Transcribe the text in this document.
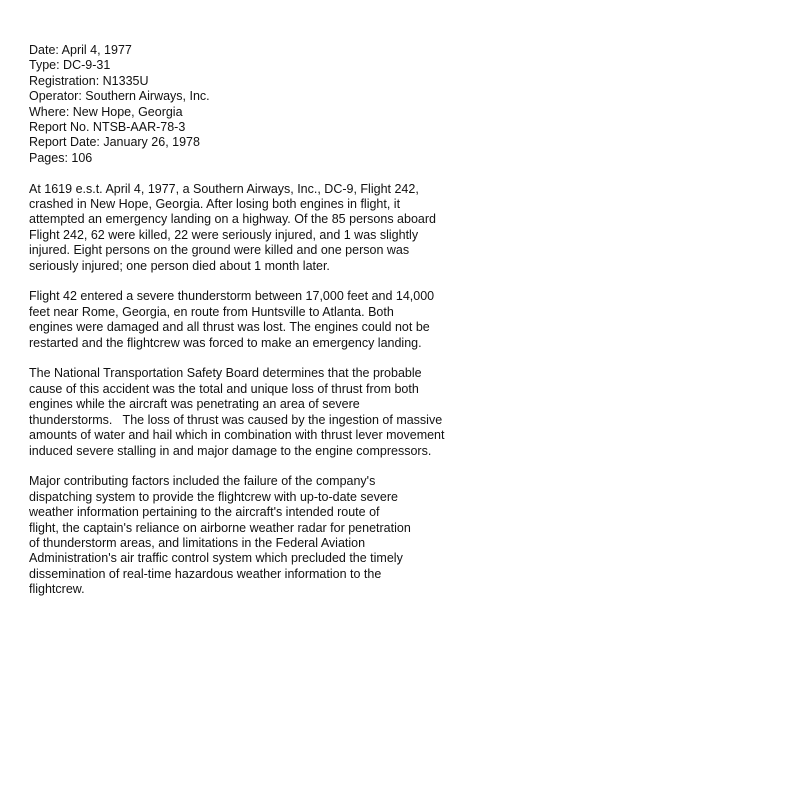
Date: April 4, 1977
Type: DC-9-31
Registration: N1335U
Operator: Southern Airways, Inc.
Where: New Hope, Georgia
Report No. NTSB-AAR-78-3
Report Date: January 26, 1978
Pages: 106
At 1619 e.s.t. April 4, 1977, a Southern Airways, Inc., DC-9, Flight 242,
crashed in New Hope, Georgia. After losing both engines in flight, it
attempted an emergency landing on a highway. Of the 85 persons aboard
Flight 242, 62 were killed, 22 were seriously injured, and 1 was slightly
injured. Eight persons on the ground were killed and one person was
seriously injured; one person died about 1 month later.
Flight 42 entered a severe thunderstorm between 17,000 feet and 14,000
feet near Rome, Georgia, en route from Huntsville to Atlanta. Both
engines were damaged and all thrust was lost. The engines could not be
restarted and the flightcrew was forced to make an emergency landing.
The National Transportation Safety Board determines that the probable
cause of this accident was the total and unique loss of thrust from both
engines while the aircraft was penetrating an area of severe
thunderstorms.   The loss of thrust was caused by the ingestion of massive
amounts of water and hail which in combination with thrust lever movement
induced severe stalling in and major damage to the engine compressors.
Major contributing factors included the failure of the company's
dispatching system to provide the flightcrew with up-to-date severe
weather information pertaining to the aircraft's intended route of
flight, the captain's reliance on airborne weather radar for penetration
of thunderstorm areas, and limitations in the Federal Aviation
Administration's air traffic control system which precluded the timely
dissemination of real-time hazardous weather information to the
flightcrew.
